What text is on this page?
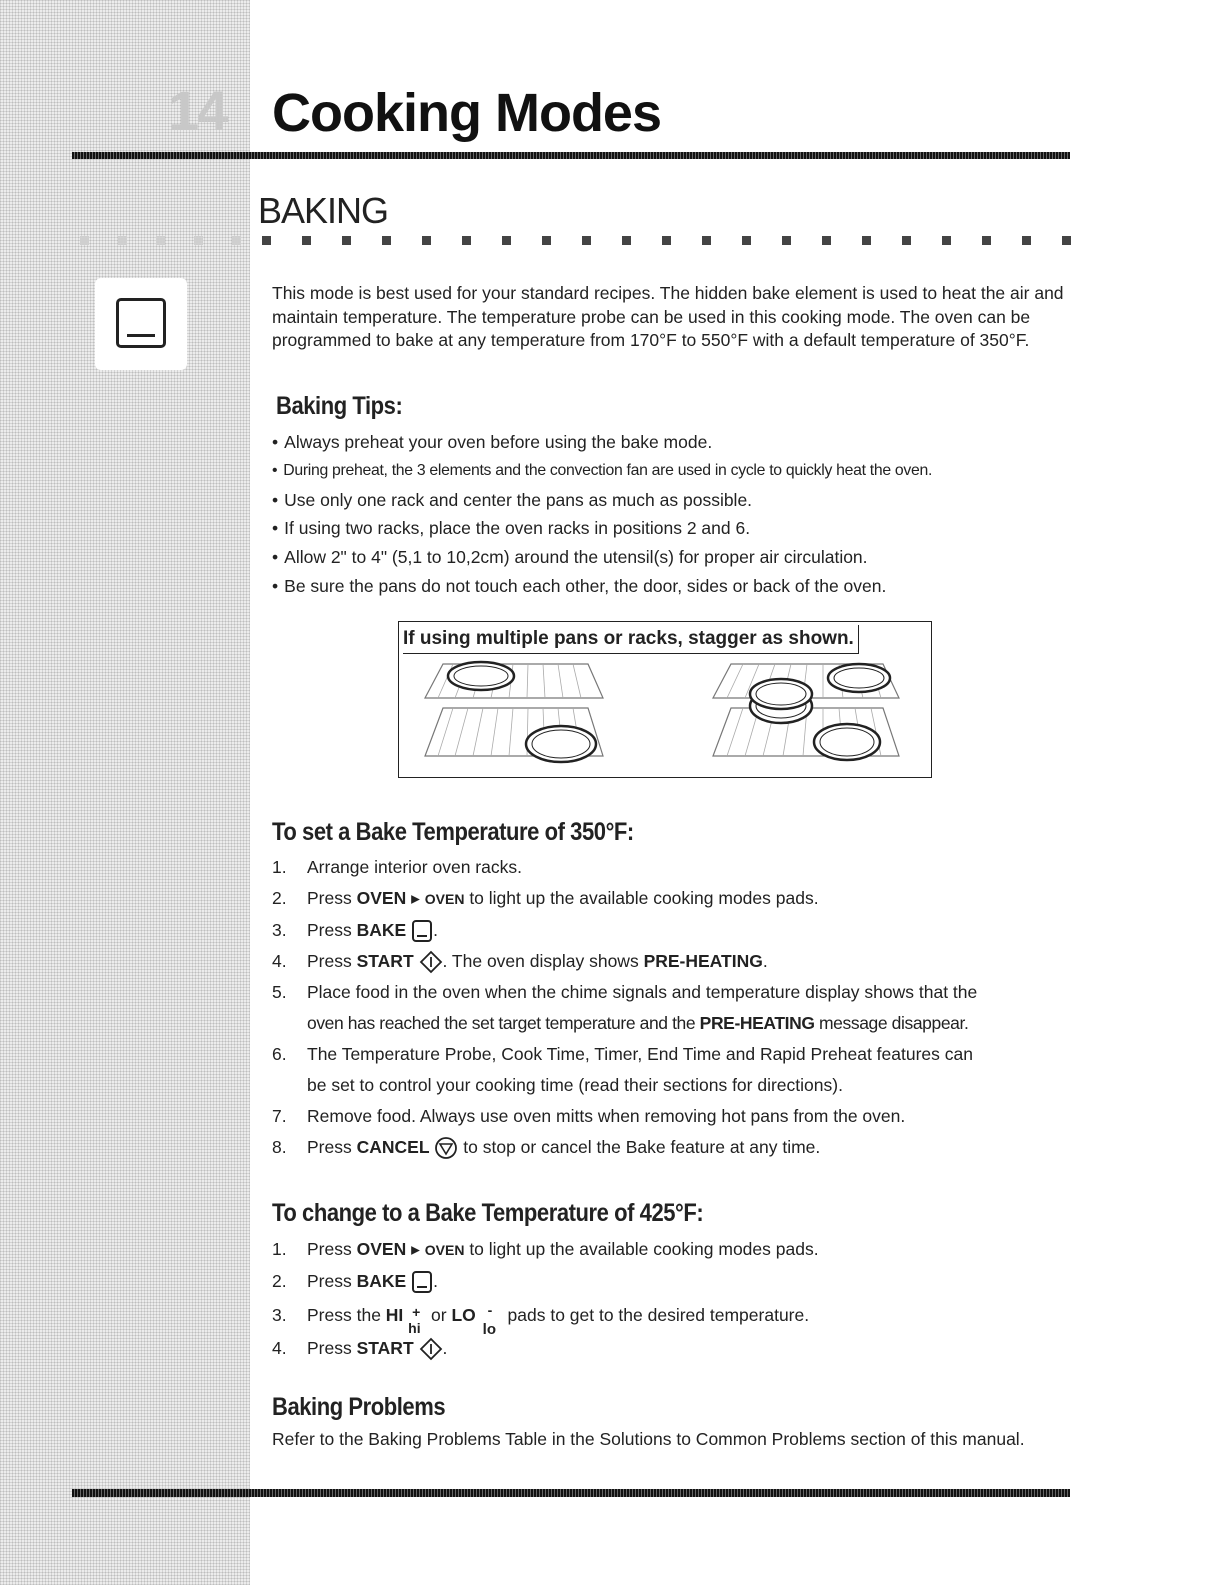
14 Cooking Modes
BAKING

This mode is best used for your standard recipes. The hidden bake element is used to heat the air and maintain temperature. The temperature probe can be used in this cooking mode. The oven can be programmed to bake at any temperature from 170°F to 550°F with a default temperature of 350°F.

Baking Tips:
• Always preheat your oven before using the bake mode.
• During preheat, the 3 elements and the convection fan are used in cycle to quickly heat the oven.
• Use only one rack and center the pans as much as possible.
• If using two racks, place the oven racks in positions 2 and 6.
• Allow 2" to 4" (5,1 to 10,2cm) around the utensil(s) for proper air circulation.
• Be sure the pans do not touch each other, the door, sides or back of the oven.
If using multiple pans or racks, stagger as shown.
To set a Bake Temperature of 350°F:
1. Arrange interior oven racks.
2. Press OVEN ▸ OVEN to light up the available cooking modes pads.
3. Press BAKE .
4. Press START . The oven display shows PRE-HEATING.
5. Place food in the oven when the chime signals and temperature display shows that the
oven has reached the set target temperature and the PRE-HEATING message disappear.
6. The Temperature Probe, Cook Time, Timer, End Time and Rapid Preheat features can
be set to control your cooking time (read their sections for directions).
7. Remove food. Always use oven mitts when removing hot pans from the oven.
8. Press CANCEL  to stop or cancel the Bake feature at any time.
To change to a Bake Temperature of 425°F:
1. Press OVEN ▸ OVEN to light up the available cooking modes pads.
2. Press BAKE .
3. Press the HI +
hi
or LO -
lo
pads to get to the desired temperature.
4. Press START .
Baking Problems

Refer to the Baking Problems Table in the Solutions to Common Problems section of this manual.
